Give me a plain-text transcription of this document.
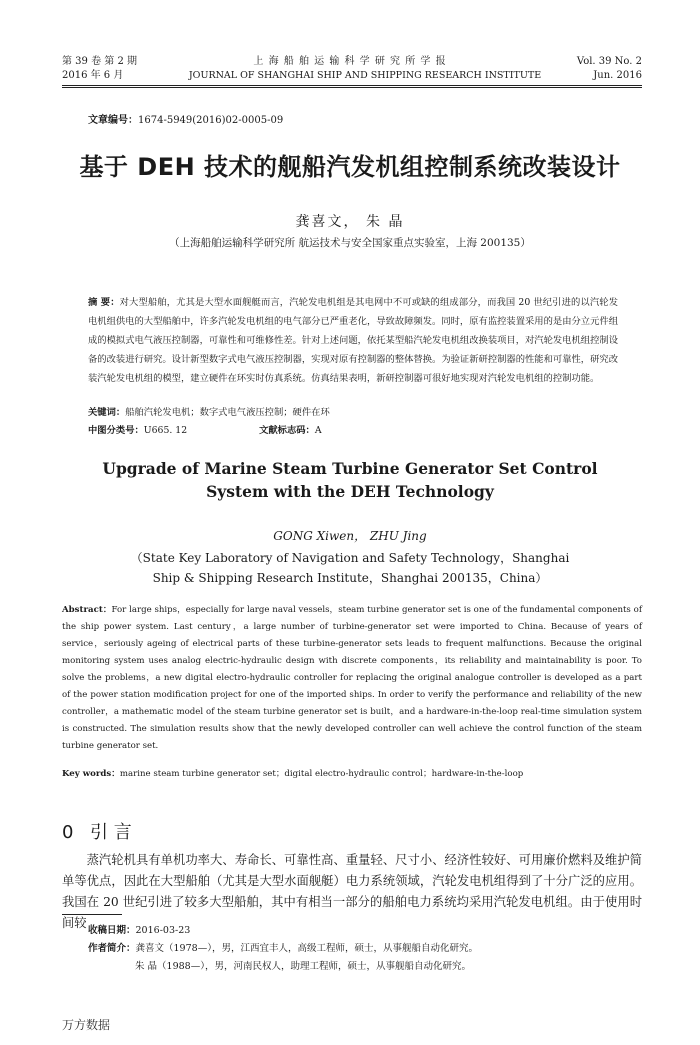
第 39 卷 第 2 期
2016 年 6 月
上 海 船 舶 运 输 科 学 研 究 所 学 报
JOURNAL OF SHANGHAI SHIP AND SHIPPING RESEARCH INSTITUTE
Vol. 39 No. 2
Jun. 2016
文章编号：1674-5949(2016)02-0005-09
基于 DEH 技术的舰船汽发机组控制系统改装设计
龚喜文， 朱 晶
（上海船舶运输科学研究所 航运技术与安全国家重点实验室，上海 200135）
摘 要：对大型船舶，尤其是大型水面舰艇而言，汽轮发电机组是其电网中不可或缺的组成部分，而我国 20 世纪引进的以汽轮发电机组供电的大型船舶中，许多汽轮发电机组的电气部分已严重老化，导致故障频发。同时，原有监控装置采用的是由分立元件组成的模拟式电气液压控制器，可靠性和可维修性差。针对上述问题，依托某型船汽轮发电机组改换装项目，对汽轮发电机组控制设备的改装进行研究。设计新型数字式电气液压控制器，实现对原有控制器的整体替换。为验证新研控制器的性能和可靠性，研究改装汽轮发电机组的模型，建立硬件在环实时仿真系统。仿真结果表明，新研控制器可很好地实现对汽轮发电机组的控制功能。
关键词：船舶汽轮发电机；数字式电气液压控制；硬件在环
中图分类号：U665. 12	文献标志码：A
Upgrade of Marine Steam Turbine Generator Set Control
System with the DEH Technology
GONG Xiwen， ZHU Jing
（State Key Laboratory of Navigation and Safety Technology，Shanghai
Ship & Shipping Research Institute，Shanghai 200135，China）
Abstract：For large ships，especially for large naval vessels，steam turbine generator set is one of the fundamental components of the ship power system. Last century，a large number of turbine-generator set were imported to China. Because of years of service，seriously ageing of electrical parts of these turbine-generator sets leads to frequent malfunctions. Because the original monitoring system uses analog electric-hydraulic design with discrete components，its reliability and maintainability is poor. To solve the problems，a new digital electro-hydraulic controller for replacing the original analogue controller is developed as a part of the power station modification project for one of the imported ships. In order to verify the performance and reliability of the new controller，a mathematic model of the steam turbine generator set is built，and a hardware-in-the-loop real-time simulation system is constructed. The simulation results show that the newly developed controller can well achieve the control function of the steam turbine generator set.
Key words：marine steam turbine generator set；digital electro-hydraulic control；hardware-in-the-loop
0 引 言
蒸汽轮机具有单机功率大、寿命长、可靠性高、重量轻、尺寸小、经济性较好、可用廉价燃料及维护简单等优点，因此在大型船舶（尤其是大型水面舰艇）电力系统领域，汽轮发电机组得到了十分广泛的应用。我国在 20 世纪引进了较多大型船舶，其中有相当一部分的船舶电力系统均采用汽轮发电机组。由于使用时间较
收稿日期：2016-03-23
作者简介：龚喜文（1978—），男，江西宜丰人，高级工程师，硕士，从事舰船自动化研究。
朱 晶（1988—），男，河南民权人，助理工程师，硕士，从事舰船自动化研究。
万方数据
